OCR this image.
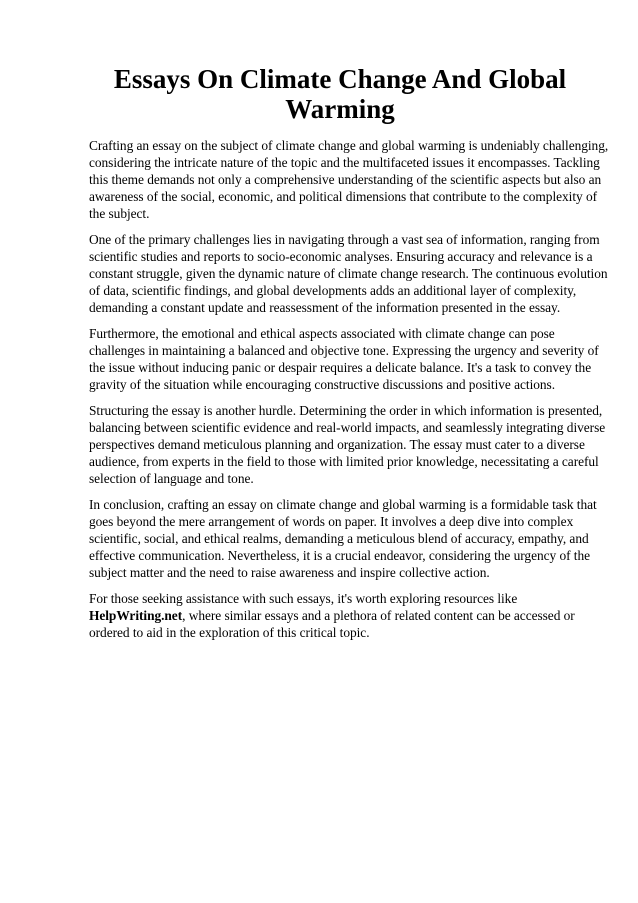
Essays On Climate Change And Global Warming

Crafting an essay on the subject of climate change and global warming is undeniably challenging, considering the intricate nature of the topic and the multifaceted issues it encompasses. Tackling this theme demands not only a comprehensive understanding of the scientific aspects but also an awareness of the social, economic, and political dimensions that contribute to the complexity of the subject.

One of the primary challenges lies in navigating through a vast sea of information, ranging from scientific studies and reports to socio-economic analyses. Ensuring accuracy and relevance is a constant struggle, given the dynamic nature of climate change research. The continuous evolution of data, scientific findings, and global developments adds an additional layer of complexity, demanding a constant update and reassessment of the information presented in the essay.

Furthermore, the emotional and ethical aspects associated with climate change can pose challenges in maintaining a balanced and objective tone. Expressing the urgency and severity of the issue without inducing panic or despair requires a delicate balance. It's a task to convey the gravity of the situation while encouraging constructive discussions and positive actions.

Structuring the essay is another hurdle. Determining the order in which information is presented, balancing between scientific evidence and real-world impacts, and seamlessly integrating diverse perspectives demand meticulous planning and organization. The essay must cater to a diverse audience, from experts in the field to those with limited prior knowledge, necessitating a careful selection of language and tone.

In conclusion, crafting an essay on climate change and global warming is a formidable task that goes beyond the mere arrangement of words on paper. It involves a deep dive into complex scientific, social, and ethical realms, demanding a meticulous blend of accuracy, empathy, and effective communication. Nevertheless, it is a crucial endeavor, considering the urgency of the subject matter and the need to raise awareness and inspire collective action.

For those seeking assistance with such essays, it's worth exploring resources like HelpWriting.net, where similar essays and a plethora of related content can be accessed or ordered to aid in the exploration of this critical topic.
